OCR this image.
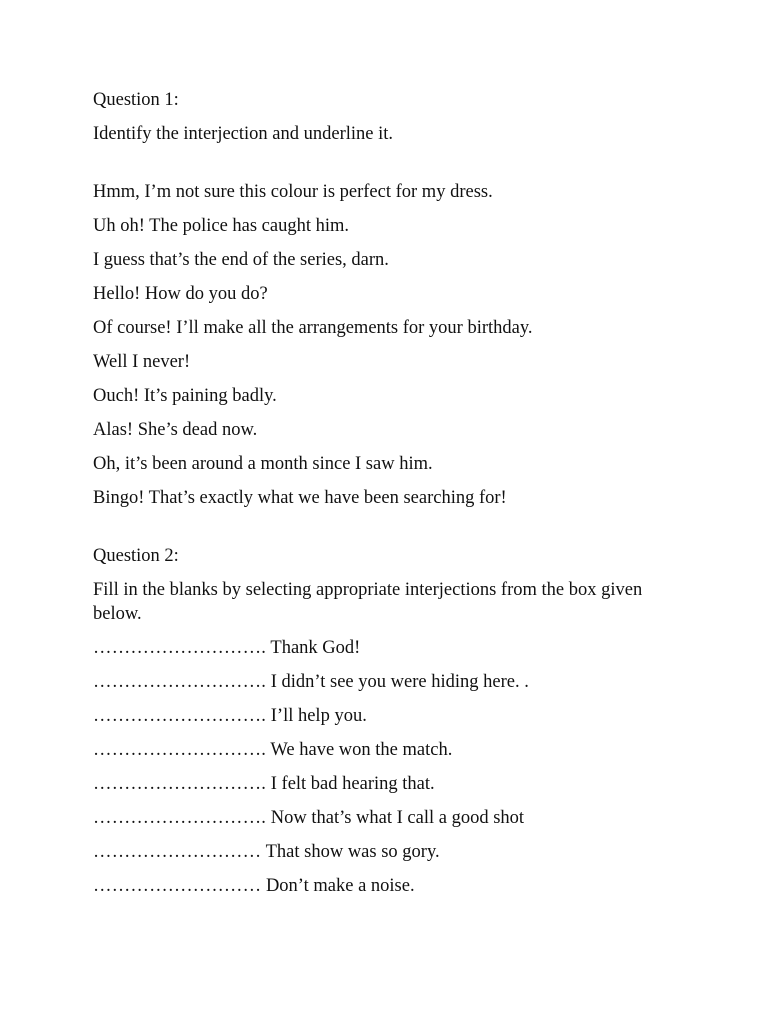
Question 1:
Identify the interjection and underline it.
Hmm, I’m not sure this colour is perfect for my dress.
Uh oh! The police has caught him.
I guess that’s the end of the series, darn.
Hello! How do you do?
Of course! I’ll make all the arrangements for your birthday.
Well I never!
Ouch! It’s paining badly.
Alas! She’s dead now.
Oh, it’s been around a month since I saw him.
Bingo! That’s exactly what we have been searching for!
Question 2:
Fill in the blanks by selecting appropriate interjections from the box given below.
………………………. Thank God!
………………………. I didn’t see you were hiding here. .
………………………. I’ll help you.
………………………. We have won the match.
………………………. I felt bad hearing that.
………………………. Now that’s what I call a good shot
……………………… That show was so gory.
……………………… Don’t make a noise.
